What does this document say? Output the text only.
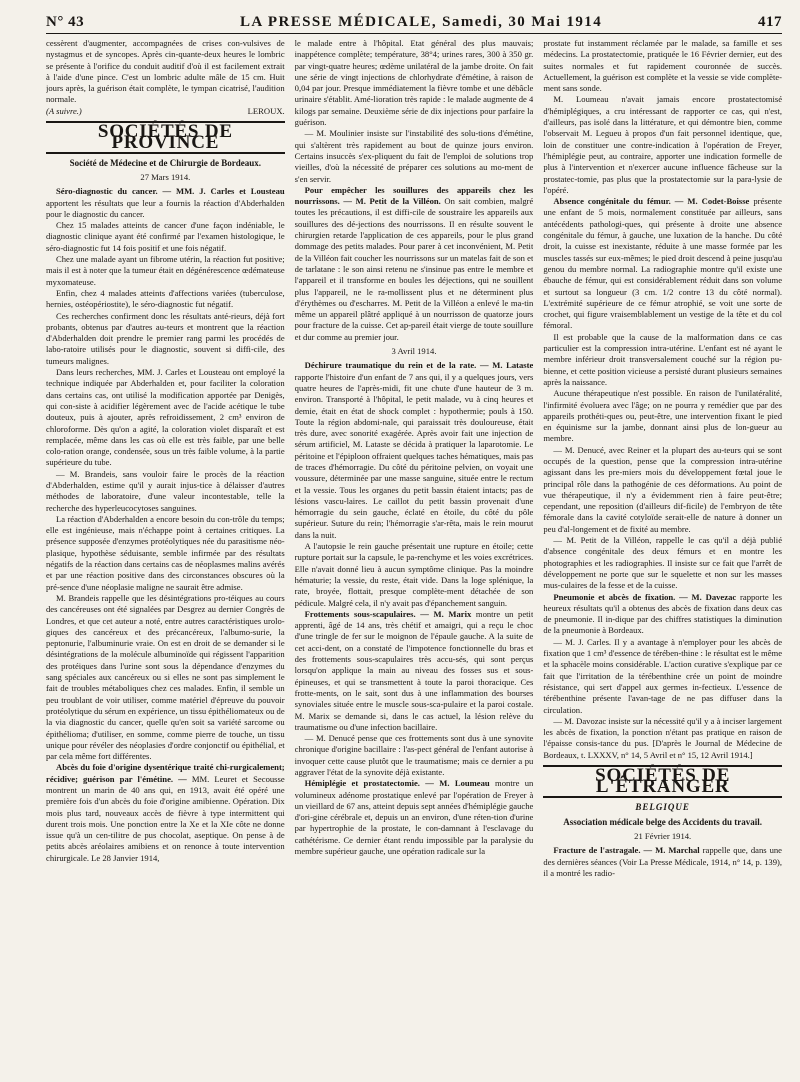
N° 43	LA PRESSE MÉDICALE, Samedi, 30 Mai 1914	417

cessèrent d'augmenter, accompagnées de crises con-vulsives de nystagmus et de syncopes. Après cin-quante-deux heures le lombric se présente à l'orifice du conduit auditif d'où il est facilement extrait à l'aide d'une pince. C'est un lombric adulte mâle de 15 cm. Huit jours après, la guérison était complète, le tympan cicatrisé, l'audition normale.

(A suivre.)	LEROUX.
SOCIÉTÉS DE PROVINCE
Société de Médecine et de Chirurgie de Bordeaux.
27 Mars 1914.

Séro-diagnostic du cancer. — MM. J. Carles et Lousteau apportent les résultats que leur a fournis la réaction d'Abderhalden pour le diagnostic du cancer.

Chez 15 malades atteints de cancer d'une façon indéniable, le diagnostic clinique ayant été confirmé par l'examen histologique, le séro-diagnostic fut 14 fois positif et une fois négatif.

Chez une malade ayant un fibrome utérin, la réaction fut positive; mais il est à noter que la tumeur était en dégénérescence œdémateuse myxomateuse.

Enfin, chez 4 malades atteints d'affections variées (tuberculose, hernies, ostéopériostite), le séro-diagnostic fut négatif.

Ces recherches confirment donc les résultats anté-rieurs, déjà fort probants, obtenus par d'autres au-teurs et montrent que la réaction d'Abderhalden doit prendre le premier rang parmi les procédés de labo-ratoire utilisés pour le diagnostic, souvent si diffi-cile, des tumeurs malignes.

Dans leurs recherches, MM. J. Carles et Lousteau ont employé la technique indiquée par Abderhalden et, pour faciliter la coloration dans certains cas, ont utilisé la modification apportée par Denigès, qui con-siste à acidifier légèrement avec de l'acide acétique le tube douteux, puis à ajouter, après refroidissement, 2 cm³ environ de chloroforme. Dès qu'on a agité, la coloration violet disparaît et est remplacée, même dans les cas où elle est très faible, par une belle colo-ration orange, condensée, sous un très faible volume, à la partie supérieure du tube.

— M. Brandeis, sans vouloir faire le procès de la réaction d'Abderhalden, estime qu'il y aurait injus-tice à délaisser d'autres méthodes de laboratoire, d'une valeur incontestable, telle la recherche des hyperleucocytoses sanguines.

La réaction d'Abderhalden a encore besoin du con-trôle du temps; elle est ingénieuse, mais n'échappe point à certaines critiques. La présence supposée d'enzymes protéolytiques née du parasitisme néo-plasique, hypothèse séduisante, semble infirmée par des résultats négatifs de la réaction dans certains cas de néoplasmes malins avérés et par une réaction positive dans des circonstances obscures où la pré-sence d'une néoplasie maligne ne saurait être admise.

M. Brandeis rappelle que les désintégrations pro-téiques au cours des cancéreuses ont été signalées par Desgrez au dernier Congrès de Londres, et que cet auteur a noté, entre autres caractéristiques urolo-giques des cancéreux et des précancéreux, l'albumo-surie, la peptonurie, l'albuminurie vraie. On est en droit de se demander si le désintégrations de la molécule albuminoïde qui régissent l'apparition des protéiques dans l'urine sont sous la dépendance d'enzymes du sang spéciales aux cancéreux ou si elles ne sont pas simplement le fait de troubles métaboliques chez ces malades. Enfin, il semble un peu troublant de voir utiliser, comme matériel d'épreuve du pouvoir protéolytique du sérum en expérience, un tissu épithéliomateux ou de la via diagnostic du cancer, quelle qu'en soit sa variété sarcome ou épithélioma; d'utiliser, en somme, comme pierre de touche, un tissu unique pour révéler des néoplasies d'ordre conjonctif ou épithélial, et par cela même fort différentes.

Abcès du foie d'origine dysentérique traité chi-rurgicalement; récidive; guérison par l'émétine. — MM. Leuret et Secousse montrent un marin de 40 ans qui, en 1913, avait été opéré une première fois d'un abcès du foie d'origine amibienne. Opération. Dix mois plus tard, nouveaux accès de fièvre à type intermittent qui durent trois mois. Une ponction entre la Xe et la XIe côte ne donne issue qu'à un cen-tilitre de pus chocolat, aseptique. On pense à de petits abcès aréolaires amibiens et on renonce à toute intervention chirurgicale. Le 28 Janvier 1914,

le malade entre à l'hôpital. Etat général des plus mauvais; inappétence complète; température, 38°4; urines rares, 300 à 350 gr. par vingt-quatre heures; œdème unilatéral de la jambe droite. On fait une série de vingt injections de chlorhydrate d'émétine, à raison de 0,04 par jour. Presque immédiatement la fièvre tombe et une débâcle urinaire s'établit. Amé-lioration très rapide : le malade augmente de 4 kilogs par semaine. Deuxième série de dix injections pour parfaire la guérison.

— M. Moulinier insiste sur l'instabilité des solu-tions d'émétine, qui s'altèrent très rapidement au bout de quinze jours environ. Certains insuccès s'ex-pliquent du fait de l'emploi de solutions trop vieilles, d'où la nécessité de préparer ces solutions au mo-ment de s'en servir.

Pour empêcher les souillures des appareils chez les nourrissons. — M. Petit de la Villéon. On sait combien, malgré toutes les précautions, il est diffi-cile de soustraire les appareils aux souillures des dé-jections des nourrissons. Il en résulte souvent le chirurgien retarde l'application de ces appareils, pour le plus grand dommage des petits malades. Pour parer à cet inconvénient, M. Petit de la Villéon fait coucher les nourrissons sur un matelas fait de son et de tarlatane : le son ainsi retenu ne s'insinue pas entre le membre et l'appareil et il transforme en boules les déjections, qui ne souillent plus l'appareil, ne le ra-mollissent plus et ne déterminent plus d'érythèmes ou d'escharres. M. Petit de la Villéon a enlevé le ma-tin même un appareil plâtré appliqué à un nourrisson de quatorze jours pour fracture de la cuisse. Cet ap-pareil était vierge de toute souillure et dur comme au premier jour.

3 Avril 1914.

Déchirure traumatique du rein et de la rate. — M. Lataste rapporte l'histoire d'un enfant de 7 ans qui, il y a quelques jours, vers quatre heures de l'après-midi, fit une chute d'une hauteur de 3 m. environ. Transporté à l'hôpital, le petit malade, vu à cinq heures et demie, était en état de shock complet : hypothermie; pouls à 150. Toute la région abdomi-nale, qui paraissait très douloureuse, était très dure, avec sonorité exagérée. Après avoir fait une injection de sérum artificiel, M. Lataste se décida à pratiquer la laparotomie. Le péritoine et l'épiploon offraient quelques taches hématiques, mais pas de traces d'hémorragie. Du côté du péritoine pelvien, on voyait une voussure, déterminée par une masse sanguine, située entre le rectum et la vessie. Tous les organes du petit bassin étaient intacts; pas de lésions vascu-laires. Le caillot du petit bassin provenait d'une hémorragie du sein gauche, éclaté en étoile, du côté du pôle supérieur. Suture du rein; l'hémorragie s'ar-rêta, mais le rein mourut dans la nuit.

A l'autopsie le rein gauche présentait une rupture en étoile; cette rupture portait sur la capsule, le pa-renchyme et les voies excrétrices. Elle n'avait donné lieu à aucun symptôme clinique. Pas la moindre hématurie; la vessie, du reste, était vide. Dans la loge splénique, la rate, broyée, flottait, presque complète-ment détachée de son pédicule. Malgré cela, il n'y avait pas d'épanchement sanguin.

Frottements sous-scapulaires. — M. Marix montre un petit apprenti, âgé de 14 ans, très chétif et amaigri, qui a reçu le choc d'une tringle de fer sur le moignon de l'épaule gauche. A la suite de cet acci-dent, on a constaté de l'impotence fonctionnelle du bras et des frottements sous-scapulaires très accu-sés, qui sont perçus lorsqu'on applique la main au niveau des fosses sus et sous-épineuses, et qui se transmettent à toute la paroi thoracique. Ces frotte-ments, on le sait, sont dus à une inflammation des bourses synoviales située entre le muscle sous-sca-pulaire et la paroi costale. M. Marix se demande si, dans le cas actuel, la lésion relève du traumatisme ou d'une infection bacillaire.

— M. Denucé pense que ces frottements sont dus à une synovite chronique d'origine bacillaire : l'as-pect général de l'enfant autorise à invoquer cette cause plutôt que le traumatisme; mais ce dernier a pu aggraver l'état de la synovite déjà existante.

Hémiplégie et prostatectomie. — M. Loumeau montre un volumineux adénome prostatique enlevé par l'opération de Freyer à un vieillard de 67 ans, atteint depuis sept années d'hémiplégie gauche d'ori-gine cérébrale et, depuis un an environ, d'une réten-tion d'urine par hypertrophie de la prostate, le con-damnant à l'esclavage du cathétérisme. Ce dernier étant rendu impossible par la paralysie du membre supérieur gauche, une opération radicale sur la

prostate fut instamment réclamée par le malade, sa famille et ses médecins. La prostatectomie, pratiquée le 16 Février dernier, eut des suites normales et fut rapidement couronnée de succès. Actuellement, la guérison est complète et la vessie se vide complète-ment sans sonde.

M. Loumeau n'avait jamais encore prostatectomisé d'hémiplégiques, a cru intéressant de rapporter ce cas, qui n'est, d'ailleurs, pas isolé dans la littérature, et qui démontre bien, comme l'observait M. Legueu à propos d'un fait personnel identique, que, loin de constituer une contre-indication à l'opération de Freyer, l'hémiplégie peut, au contraire, apporter une indication formelle de plus à l'intervention et n'exercer aucune influence fâcheuse sur la prostatec-tomie, pas plus que la prostatectomie sur la para-lysie de l'opéré.

Absence congénitale du fémur. — M. Codet-Boisse présente une enfant de 5 mois, normalement constituée par ailleurs, sans antécédents pathologi-ques, qui présente à droite une absence congénitale du fémur, à gauche, une luxation de la hanche. Du côté droit, la cuisse est inexistante, réduite à une masse formée par les muscles tassés sur eux-mêmes; le pied droit descend à peine jusqu'au genou du membre normal. La radiographie montre qu'il existe une ébauche de fémur, qui est considérablement réduit dans son volume et surtout sa longueur (3 cm. 1/2 contre 13 du côté normal). L'extrémité supérieure de ce fémur atrophié, se voit une sorte de crochet, qui figure vraisemblablement un vestige de la tête et du col fémoral.

Il est probable que la cause de la malformation dans ce cas particulier est la compression intra-utérine. L'enfant est né ayant le membre inférieur droit transversalement couché sur la région pu-bienne, et cette position vicieuse a persisté durant plusieurs semaines après la naissance.

Aucune thérapeutique n'est possible. En raison de l'unilatéralité, l'infirmité évoluera avec l'âge; on ne pourra y remédier que par des appareils prothéti-ques ou, peut-être, une intervention fixant le pied en équinisme sur la jambe, donnant ainsi plus de lon-gueur au membre.

— M. Denucé, avec Reiner et la plupart des au-teurs qui se sont occupés de la question, pense que la compression intra-utérine agissant dans les pre-miers mois du développement fœtal joue le principal rôle dans la pathogénie de ces déformations. Au point de vue thérapeutique, il n'y a évidemment rien à faire peut-être; cependant, une reposition (d'ailleurs dif-ficile) de l'embryon de tête fémorale dans la cavité cotyloïde serait-elle de nature à donner un peu d'al-longement et de fixité au membre.

— M. Petit de la Villéon, rappelle le cas qu'il a déjà publié d'absence congénitale des deux fémurs et en montre les photographies et les radiographies. Il insiste sur ce fait que l'arrêt de développement ne porte que sur le squelette et non sur les masses mus-culaires de la fesse et de la cuisse.

Pneumonie et abcès de fixation. — M. Davezac rapporte les heureux résultats qu'il a obtenus des abcès de fixation dans deux cas de pneumonie. Il in-dique par des chiffres statistiques la diminution de la pneumonie à Bordeaux.

— M. J. Carles. Il y a avantage à n'employer pour les abcès de fixation que 1 cm³ d'essence de térében-thine : le résultat est le même et la sphacèle moins considérable. L'action curative s'explique par ce fait que l'irritation de la térébenthine crée un point de moindre résistance, qui sert d'appel aux germes in-fectieux. L'essence de térébenthine présente l'avan-tage de ne pas diffuser dans la circulation.

— M. Davozac insiste sur la nécessité qu'il y a à inciser largement les abcès de fixation, la ponction n'étant pas pratique en raison de l'épaisse consis-tance du pus. [D'après le Journal de Médecine de Bordeaux, t. LXXXV, n° 14, 5 Avril et n° 15, 12 Avril 1914.]

SOCIÉTÉS DE L'ÉTRANGER
BELGIQUE
Association médicale belge des Accidents du travail.
21 Février 1914.

Fracture de l'astragale. — M. Marchal rappelle que, dans une des dernières séances (Voir La Presse Médicale, 1914, n° 14, p. 139), il a montré les radio-
